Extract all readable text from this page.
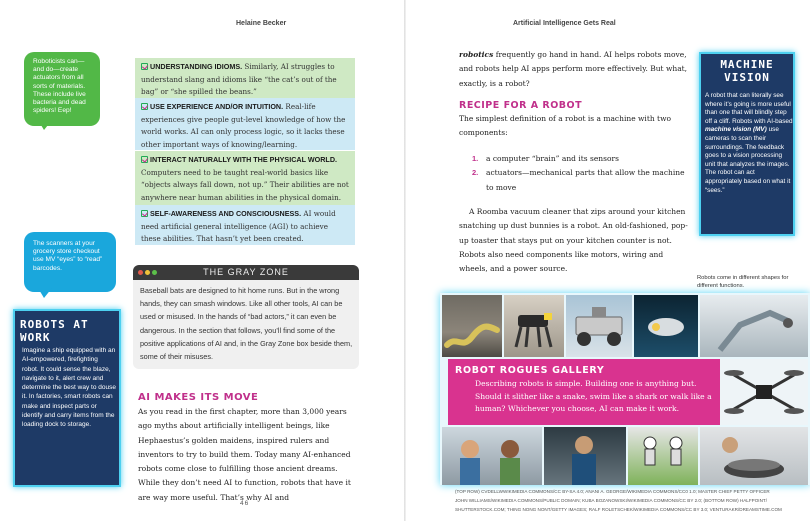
Helaine Becker
Roboticists can—and do—create actuators from all sorts of materials. These include live bacteria and dead spiders! Eep!
The scanners at your grocery store checkout use MV “eyes” to “read” barcodes.
UNDERSTANDING IDIOMS. Similarly, AI struggles to understand slang and idioms like “the cat’s out of the bag” or “she spilled the beans.”
USE EXPERIENCE AND/OR INTUITION. Real-life experiences give people gut-level knowledge of how the world works. AI can only process logic, so it lacks these other important ways of knowing/learning.
INTERACT NATURALLY WITH THE PHYSICAL WORLD. Computers need to be taught real-world basics like “objects always fall down, not up.” Their abilities are not anywhere near human abilities in the physical domain.
SELF-AWARENESS AND CONSCIOUSNESS. AI would need artificial general intelligence (AGI) to achieve these abilities. That hasn’t yet been created.
THE GRAY ZONE
Baseball bats are designed to hit home runs. But in the wrong hands, they can smash windows. Like all other tools, AI can be used or misused. In the hands of “bad actors,” it can even be dangerous. In the section that follows, you’ll find some of the positive applications of AI and, in the Gray Zone box beside them, some of their misuses.
ROBOTS AT WORK
Imagine a ship equipped with an AI-empowered, firefighting robot. It could sense the blaze, navigate to it, alert crew and determine the best way to douse it. In factories, smart robots can make and inspect parts or identify and carry items from the loading dock to storage.
AI MAKES ITS MOVE
As you read in the first chapter, more than 3,000 years ago myths about artificially intelligent beings, like Hephaestus’s golden maidens, inspired rulers and inventors to try to build them. Today many AI-enhanced robots come close to fulfilling those ancient dreams. While they don’t need AI to function, robots that have it are way more useful. That’s why AI and
46
Artificial Intelligence Gets Real
robotics frequently go hand in hand. AI helps robots move, and robots help AI apps perform more effectively. But what, exactly, is a robot?
RECIPE FOR A ROBOT
The simplest definition of a robot is a machine with two components:
1.	a computer “brain” and its sensors
2.	actuators—mechanical parts that allow the machine to move
A Roomba vacuum cleaner that zips around your kitchen snatching up dust bunnies is a robot. An old-fashioned, pop-up toaster that stays put on your kitchen counter is not. Robots also need components like motors, wiring and wheels, and a power source.
MACHINE VISION
A robot that can literally see where it’s going is more useful than one that will blindly step off a cliff. Robots with AI-based machine vision (MV) use cameras to scan their surroundings. The feedback goes to a vision processing unit that analyzes the images. The robot can act appropriately based on what it “sees.”
Robots come in different shapes for different functions.
ROBOT ROGUES GALLERY
Describing robots is simple. Building one is anything but. Should it slither like a snake, swim like a shark or walk like a human? Whichever you choose, AI can make it work.
(TOP ROW) CVDELLWWIKIMEDIA COMMONS/CC BY-SA 4.0; ANANI A. GEORGE/WIKIMEDIA COMMONS/CC0 1.0; MASTER CHIEF PETTY OFFICER
JOHN WILLIAMS/WIKIMEDIA COMMONS/PUBLIC DOMAIN; KUBA BOZANOWSKI/WIKIMEDIA COMMONS/CC BY 2.0; (BOTTOM ROW) HALFPOINT/
SHUTTERSTOCK.COM; THING NONG NONT/GETTY IMAGES; RALF ROLETSCHEK/WIKIMEDIA COMMONS/CC BY 3.0; VENTURAKR/DREAMSTIME.COM
